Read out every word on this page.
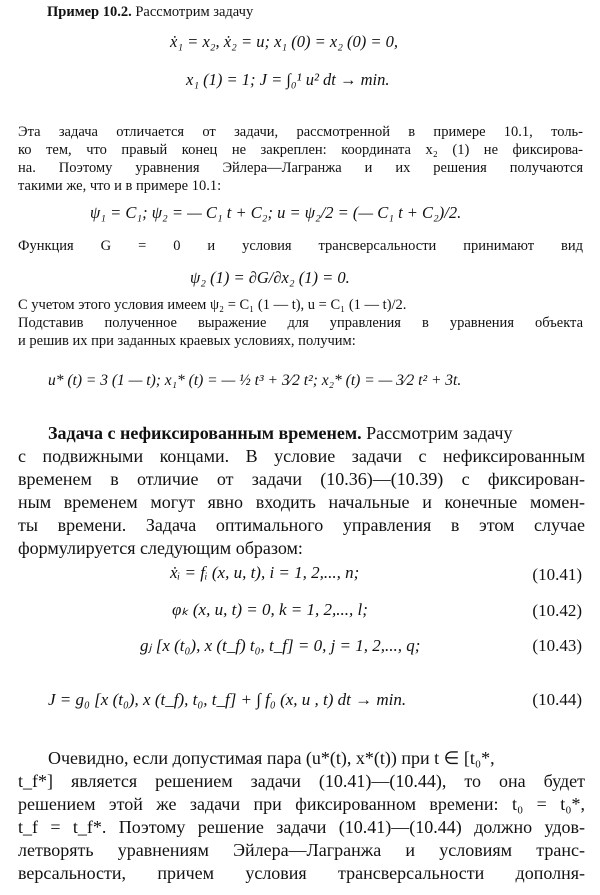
Пример 10.2. Рассмотрим задачу
ẋ₁ = x₂, ẋ₂ = u; x₁ (0) = x₂ (0) = 0,
x₁ (1) = 1; J = ∫₀¹ u² dt → min.
Эта задача отличается от задачи, рассмотренной в примере 10.1, толь-
ко тем, что правый конец не закреплен: координата x₂ (1) не фиксирова-
на. Поэтому уравнения Эйлера—Лагранжа и их решения получаются
такими же, что и в примере 10.1:
ψ₁ = C₁; ψ₂ = — C₁ t + C₂; u = ψ₂/2 = (— C₁ t + C₂)/2.
Функция G = 0 и условия трансверсальности принимают вид
ψ₂ (1) = ∂G/∂x₂ (1) = 0.
С учетом этого условия имеем ψ₂ = C₁ (1 — t), u = C₁ (1 — t)/2.
Подставив полученное выражение для управления в уравнения объекта
и решив их при заданных краевых условиях, получим:
u* (t) = 3 (1 — t); x₁* (t) = — ½ t³ + 3⁄2 t²; x₂* (t) = — 3⁄2 t² + 3t.
Задача с нефиксированным временем. Рассмотрим задачу
с подвижными концами. В условие задачи с нефиксированным
временем в отличие от задачи (10.36)—(10.39) с фиксирован-
ным временем могут явно входить начальные и конечные момен-
ты времени. Задача оптимального управления в этом случае
формулируется следующим образом:
ẋᵢ = fᵢ (x, u, t), i = 1, 2,..., n;	(10.41)
φₖ (x, u, t) = 0, k = 1, 2,..., l;	(10.42)
gⱼ [x (t₀), x (t_f) t₀, t_f] = 0, j = 1, 2,..., q;	(10.43)
J = g₀ [x (t₀), x (t_f), t₀, t_f] + ∫ f₀ (x, u , t) dt → min.	(10.44)
Очевидно, если допустимая пара (u*(t), x*(t)) при t ∈ [t₀*,
t_f*] является решением задачи (10.41)—(10.44), то она будет
решением этой же задачи при фиксированном времени: t₀ = t₀*,
t_f = t_f*. Поэтому решение задачи (10.41)—(10.44) должно удов-
летворять уравнениям Эйлера—Лагранжа и условиям транс-
версальности, причем условия трансверсальности дополня-
